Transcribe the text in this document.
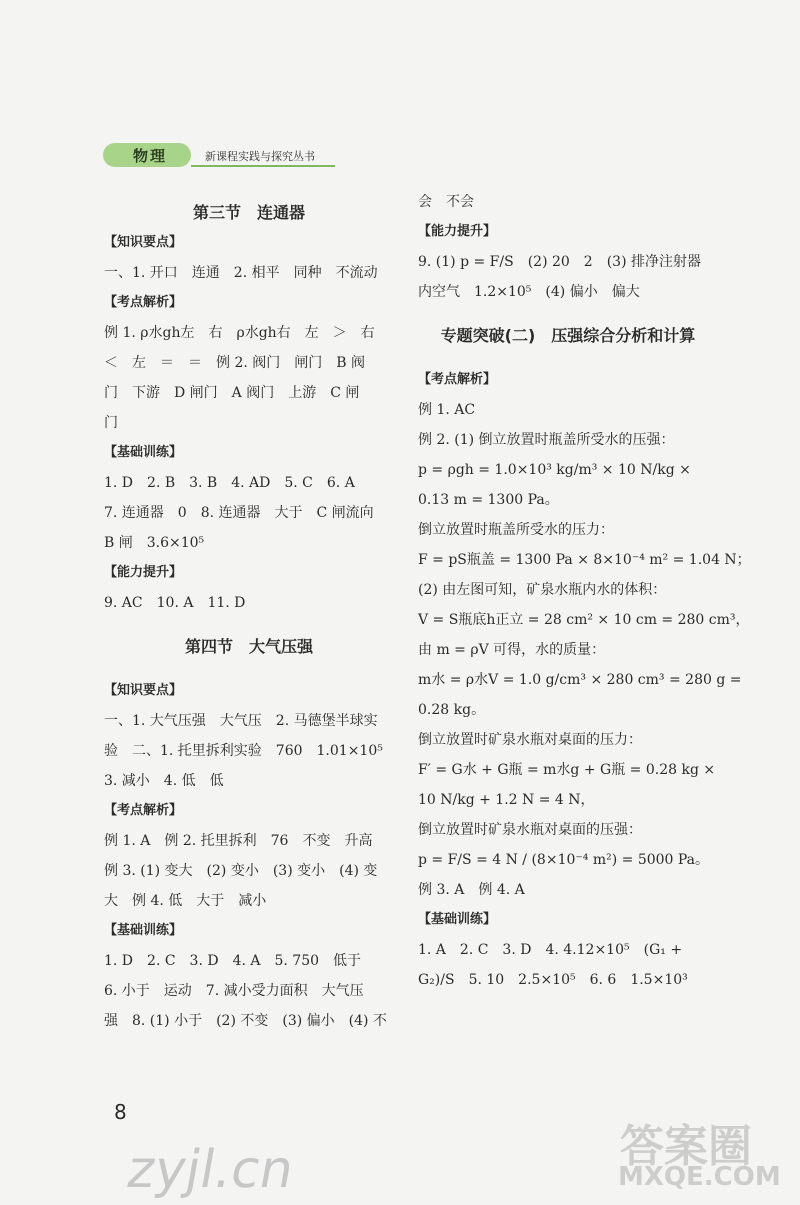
物理	新课程实践与探究丛书
第三节　连通器
【知识要点】
一、1. 开口　连通　2. 相平　同种　不流动
【考点解析】
例 1. ρ水gh左　右　ρ水gh右　左　＞　右
＜　左　＝　＝　例 2. 阀门　闸门　B 阀
门　下游　D 闸门　A 阀门　上游　C 闸
门
【基础训练】
1. D　2. B　3. B　4. AD　5. C　6. A
7. 连通器　0　8. 连通器　大于　C 闸流向
B 闸　3.6×10⁵
【能力提升】
9. AC　10. A　11. D
第四节　大气压强
【知识要点】
一、1. 大气压强　大气压　2. 马德堡半球实
验　二、1. 托里拆利实验　760　1.01×10⁵
3. 减小　4. 低　低
【考点解析】
例 1. A　例 2. 托里拆利　76　不变　升高
例 3. (1) 变大　(2) 变小　(3) 变小　(4) 变
大　例 4. 低　大于　减小
【基础训练】
1. D　2. C　3. D　4. A　5. 750　低于
6. 小于　运动　7. 减小受力面积　大气压
强　8. (1) 小于　(2) 不变　(3) 偏小　(4) 不
会　不会
【能力提升】
9. (1) p = F/S　(2) 20　2　(3) 排净注射器
内空气　1.2×10⁵　(4) 偏小　偏大
专题突破(二)　压强综合分析和计算
【考点解析】
例 1. AC
例 2. (1) 倒立放置时瓶盖所受水的压强：
p = ρgh = 1.0×10³ kg/m³ × 10 N/kg ×
0.13 m = 1300 Pa。
倒立放置时瓶盖所受水的压力：
F = pS瓶盖 = 1300 Pa × 8×10⁻⁴ m² = 1.04 N；
(2) 由左图可知，矿泉水瓶内水的体积：
V = S瓶底h正立 = 28 cm² × 10 cm = 280 cm³，
由 m = ρV 可得，水的质量：
m水 = ρ水V = 1.0 g/cm³ × 280 cm³ = 280 g =
0.28 kg。
倒立放置时矿泉水瓶对桌面的压力：
F′ = G水 + G瓶 = m水g + G瓶 = 0.28 kg ×
10 N/kg + 1.2 N = 4 N，
倒立放置时矿泉水瓶对桌面的压强：
p = F/S = 4 N / (8×10⁻⁴ m²) = 5000 Pa。
例 3. A　例 4. A
【基础训练】
1. A　2. C　3. D　4. 4.12×10⁵　(G₁ +
G₂)/S　5. 10　2.5×10⁵　6. 6　1.5×10³
8
zyjl.cn	答案圈
MXQE.COM
